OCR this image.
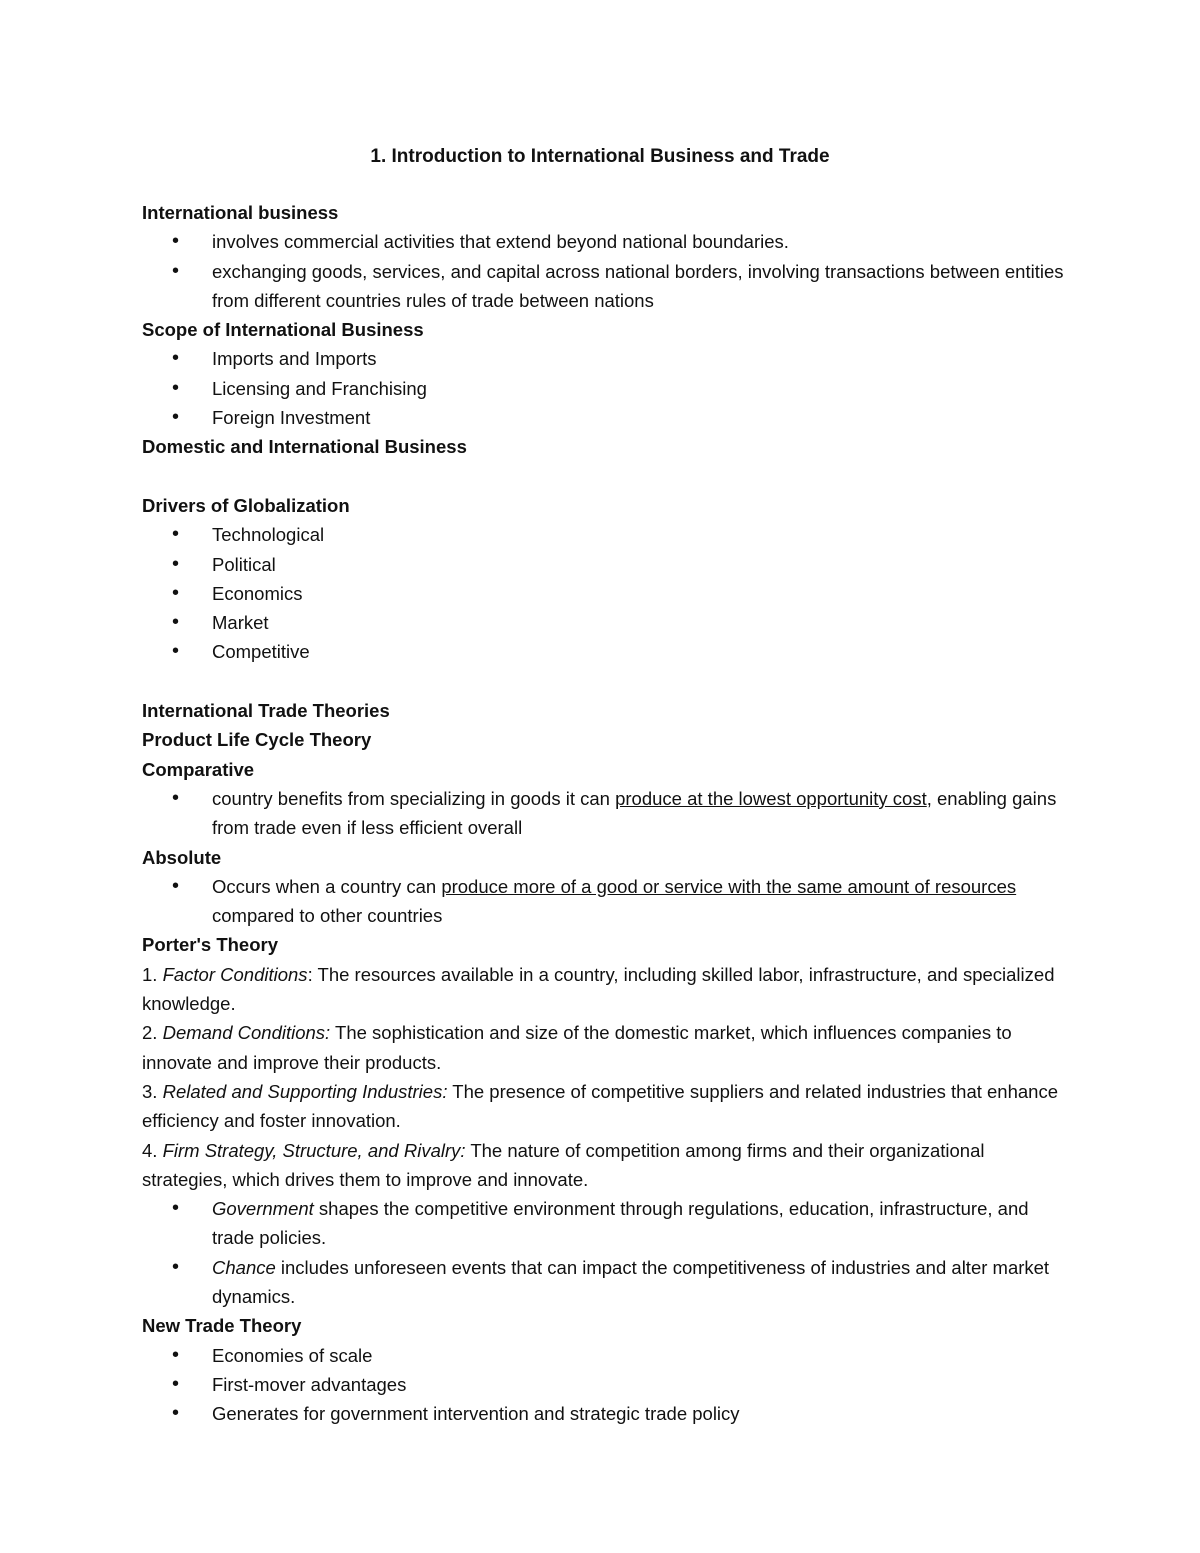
1. Introduction to International Business and Trade
International business
• involves commercial activities that extend beyond national boundaries.
• exchanging goods, services, and capital across national borders, involving transactions between entities from different countries rules of trade between nations
Scope of International Business
• Imports and Imports
• Licensing and Franchising
• Foreign Investment
Domestic and International Business
Drivers of Globalization
• Technological
• Political
• Economics
• Market
• Competitive
International Trade Theories
Product Life Cycle Theory
Comparative
• country benefits from specializing in goods it can produce at the lowest opportunity cost, enabling gains from trade even if less efficient overall
Absolute
• Occurs when a country can produce more of a good or service with the same amount of resources compared to other countries
Porter's Theory
1. Factor Conditions: The resources available in a country, including skilled labor, infrastructure, and specialized knowledge.
2. Demand Conditions: The sophistication and size of the domestic market, which influences companies to innovate and improve their products.
3. Related and Supporting Industries: The presence of competitive suppliers and related industries that enhance efficiency and foster innovation.
4. Firm Strategy, Structure, and Rivalry: The nature of competition among firms and their organizational strategies, which drives them to improve and innovate.
• Government shapes the competitive environment through regulations, education, infrastructure, and trade policies.
• Chance includes unforeseen events that can impact the competitiveness of industries and alter market dynamics.
New Trade Theory
• Economies of scale
• First-mover advantages
• Generates for government intervention and strategic trade policy
